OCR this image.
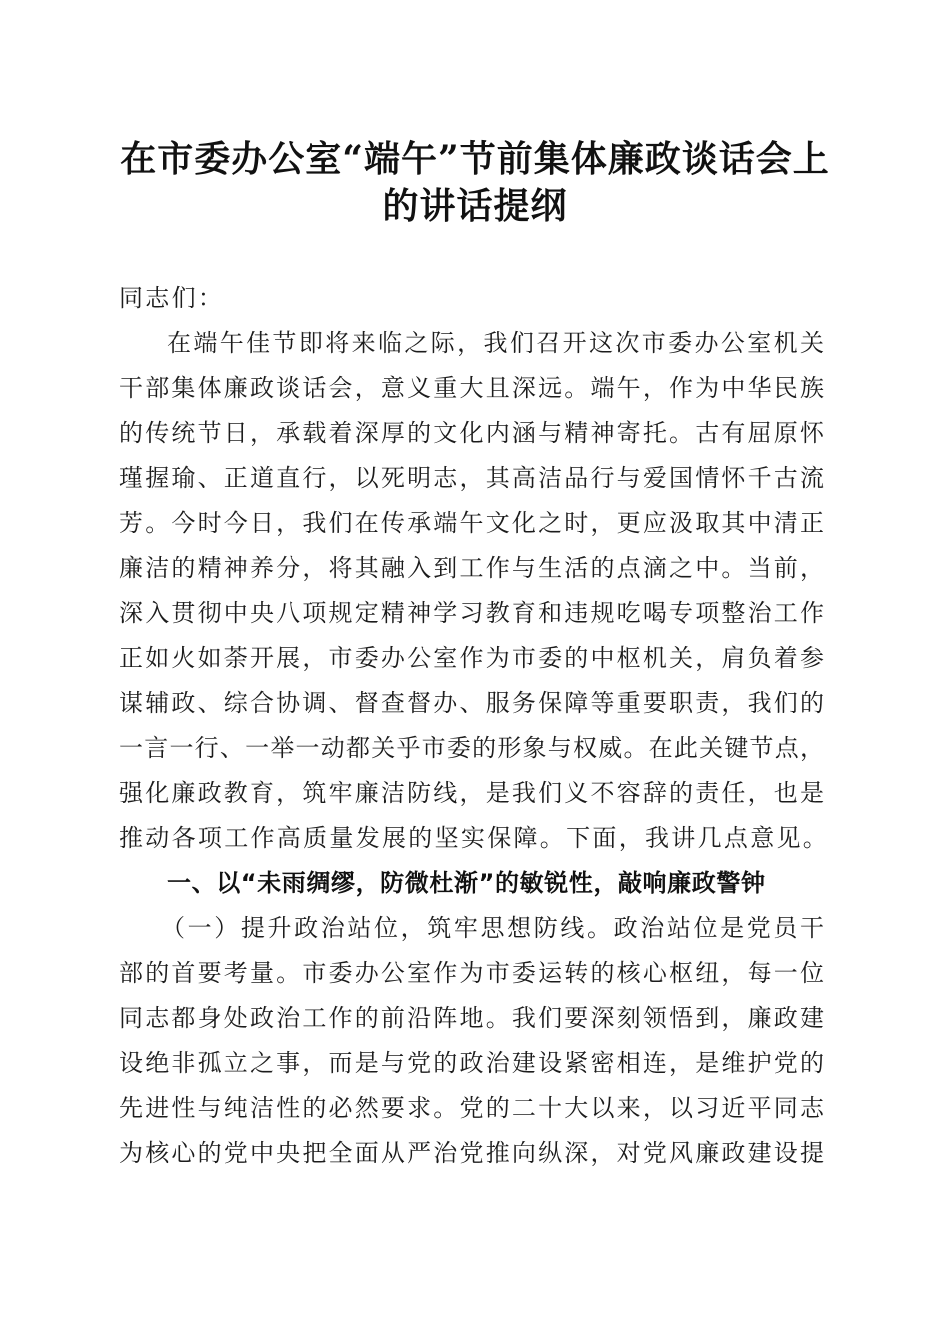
在市委办公室“端午”节前集体廉政谈话会上
的讲话提纲
同志们：
在端午佳节即将来临之际，我们召开这次市委办公室机关
干部集体廉政谈话会，意义重大且深远。端午，作为中华民族
的传统节日，承载着深厚的文化内涵与精神寄托。古有屈原怀
瑾握瑜、正道直行，以死明志，其高洁品行与爱国情怀千古流
芳。今时今日，我们在传承端午文化之时，更应汲取其中清正
廉洁的精神养分，将其融入到工作与生活的点滴之中。当前，
深入贯彻中央八项规定精神学习教育和违规吃喝专项整治工作
正如火如荼开展，市委办公室作为市委的中枢机关，肩负着参
谋辅政、综合协调、督查督办、服务保障等重要职责，我们的
一言一行、一举一动都关乎市委的形象与权威。在此关键节点，
强化廉政教育，筑牢廉洁防线，是我们义不容辞的责任，也是
推动各项工作高质量发展的坚实保障。下面，我讲几点意见。
一、以“未雨绸缪，防微杜渐”的敏锐性，敲响廉政警钟
（一）提升政治站位，筑牢思想防线。政治站位是党员干
部的首要考量。市委办公室作为市委运转的核心枢纽，每一位
同志都身处政治工作的前沿阵地。我们要深刻领悟到，廉政建
设绝非孤立之事，而是与党的政治建设紧密相连，是维护党的
先进性与纯洁性的必然要求。党的二十大以来，以习近平同志
为核心的党中央把全面从严治党推向纵深，对党风廉政建设提
